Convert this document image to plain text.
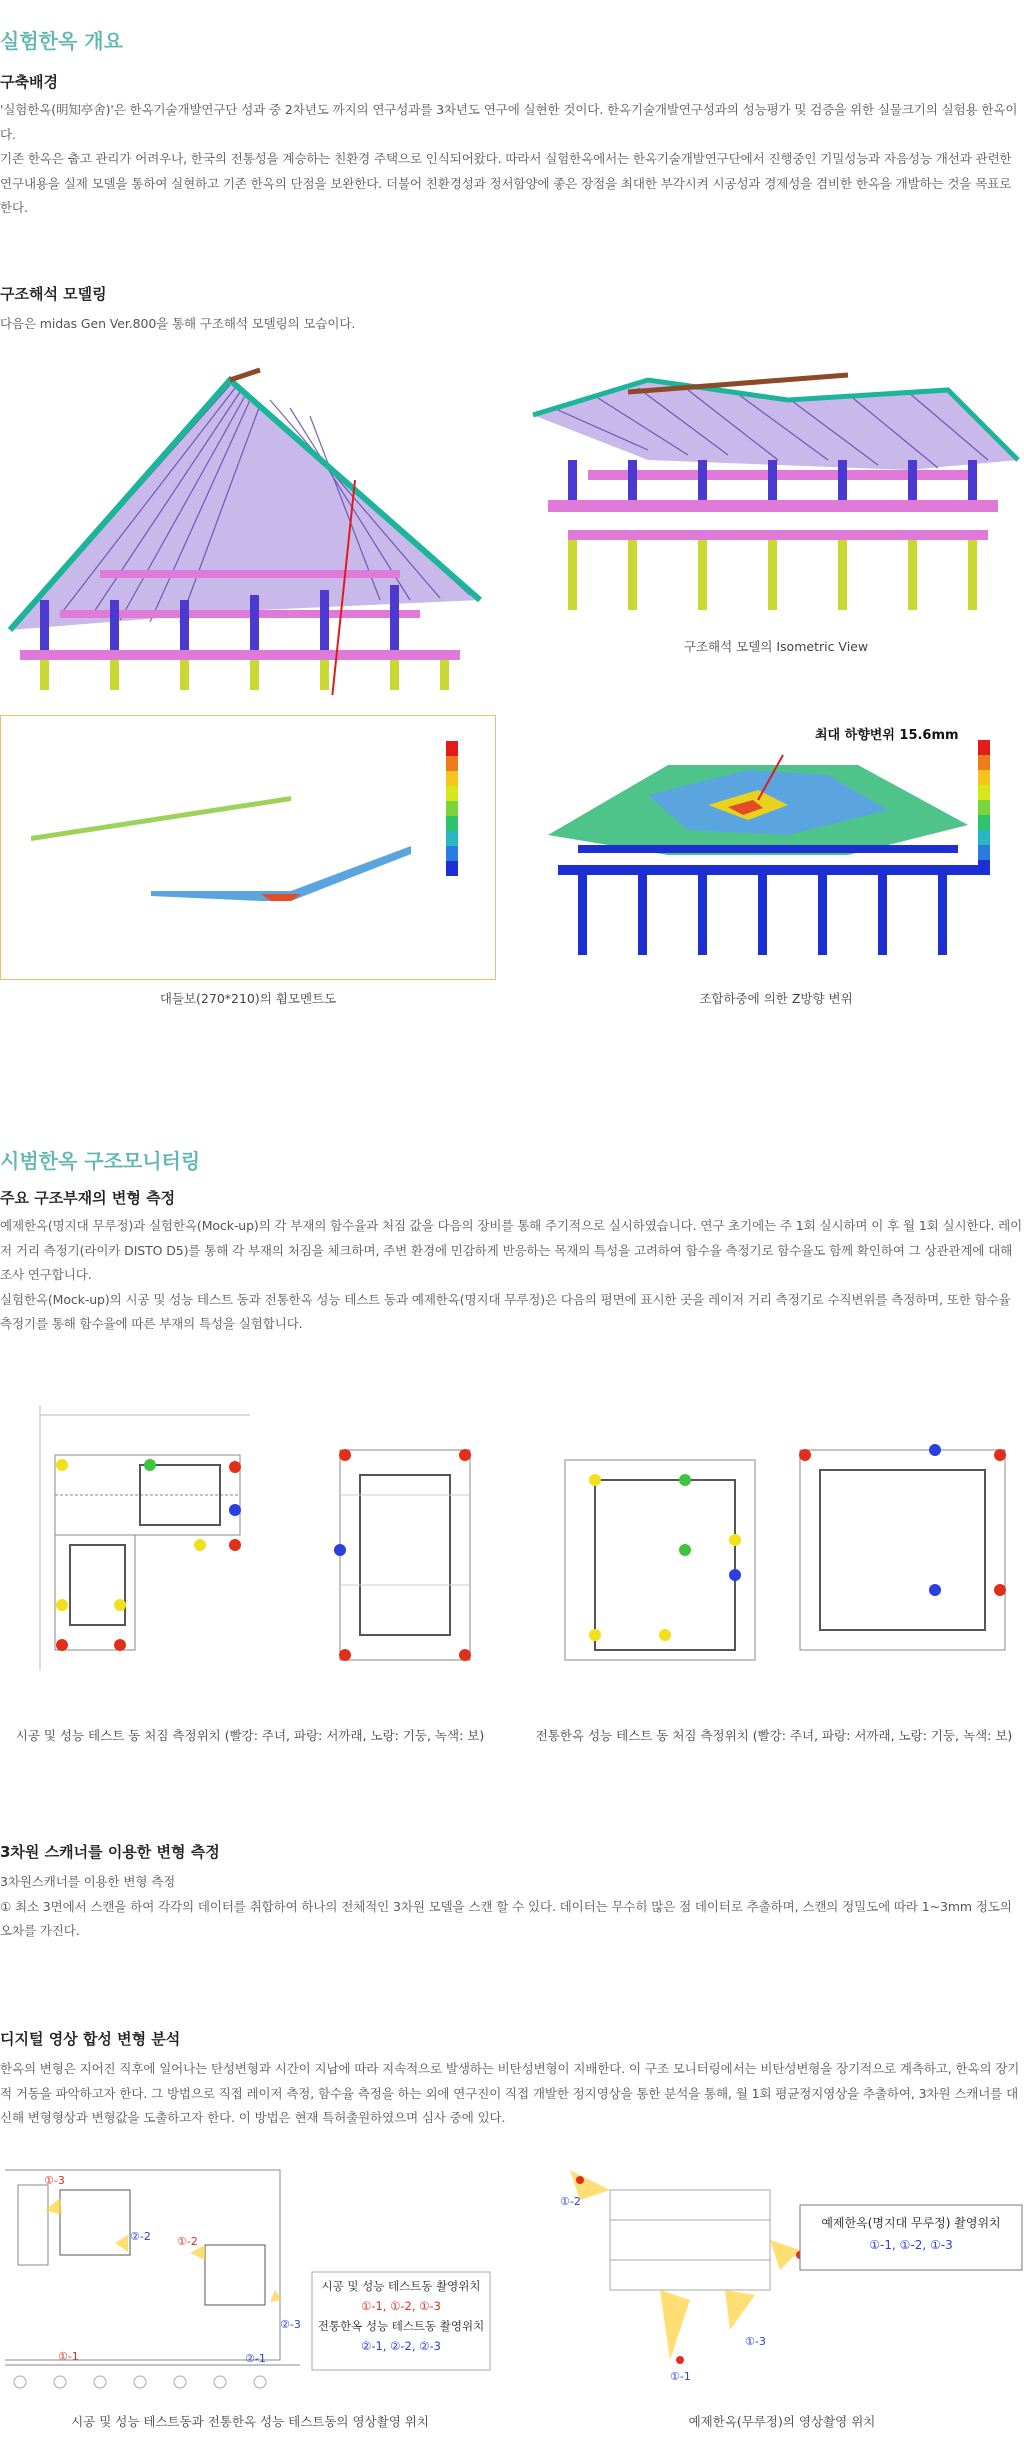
실험한옥 개요
구축배경

'실험한옥(明知亭舍)'은 한옥기술개발연구단 성과 중 2차년도 까지의 연구성과를 3차년도 연구에 실현한 것이다. 한옥기술개발연구성과의 성능평가 및 검증을 위한 실물크기의 실험용 한옥이다.

기존 한옥은 춥고 관리가 어려우나, 한국의 전통성을 계승하는 친환경 주택으로 인식되어왔다. 따라서 실험한옥에서는 한옥기술개발연구단에서 진행중인 기밀성능과 자음성능 개선과 관련한 연구내용을 실제 모델을 통하여 실현하고 기존 한옥의 단점을 보완한다. 더불어 친환경성과 정서함양에 좋은 장점을 최대한 부각시켜 시공성과 경제성을 겸비한 한옥을 개발하는 것을 목표로 한다.

구조해석 모델링
다음은 midas Gen Ver.800을 통해 구조해석 모델링의 모습이다.
구조해석 모델의 Isometric View
대들보(270*210)의 휨모멘트도
최대 하향변위 15.6mm
조합하중에 의한 Z방향 변위
시범한옥 구조모니터링
주요 구조부재의 변형 측정

예제한옥(명지대 무루정)과 실험한옥(Mock-up)의 각 부재의 함수율과 처짐 값을 다음의 장비를 통해 주기적으로 실시하였습니다. 연구 초기에는 주 1회 실시하며 이 후 월 1회 실시한다. 레이저 거리 측정기(라이카 DISTO D5)를 통해 각 부재의 처짐을 체크하며, 주변 환경에 민감하게 반응하는 목재의 특성을 고려하여 함수율 측정기로 함수율도 함께 확인하여 그 상관관계에 대해 조사 연구합니다.

실험한옥(Mock-up)의 시공 및 성능 테스트 동과 전통한옥 성능 테스트 동과 예제한옥(명지대 무루정)은 다음의 평면에 표시한 곳을 레이저 거리 측정기로 수직변위를 측정하며, 또한 함수율 측정기를 통해 함수율에 따른 부재의 특성을 실험합니다.

시공 및 성능 테스트 동 처짐 측정위치 (빨강: 주녀, 파랑: 서까래, 노랑: 기둥, 녹색: 보)	전통한옥 성능 테스트 동 처짐 측정위치 (빨강: 주녀, 파랑: 서까래, 노랑: 기둥, 녹색: 보)
3차원 스캐너를 이용한 변형 측정

3차원스캐너를 이용한 변형 측정

① 최소 3면에서 스캔을 하여 각각의 데이터를 취합하여 하나의 전체적인 3차원 모델을 스캔 할 수 있다. 데이터는 무수히 많은 점 데이터로 추출하며, 스캔의 정밀도에 따라 1~3mm 정도의 오차를 가진다.

디지털 영상 합성 변형 분석

한옥의 변형은 지어진 직후에 일어나는 탄성변형과 시간이 지남에 따라 지속적으로 발생하는 비탄성변형이 지배한다. 이 구조 모니터링에서는 비탄성변형을 장기적으로 계측하고, 한옥의 장기적 거동을 파악하고자 한다. 그 방법으로 직접 레이저 측정, 함수율 측정을 하는 외에 연구진이 직접 개발한 정지영상을 통한 분석을 통해, 월 1회 평균정지영상을 추출하여, 3차원 스캐너를 대신해 변형형상과 변형값을 도출하고자 한다. 이 방법은 현재 특허출원하였으며 심사 중에 있다.

①-3
②-2 ①-2
②-3
①-1	②-1
시공 및 성능 테스트동 촬영위치
①-1, ①-2, ①-3
전통한옥 성능 테스트동 촬영위치
②-1, ②-2, ②-3
①-2
①-3
①-1
예제한옥(명지대 무루정) 촬영위치
①-1, ①-2, ①-3
시공 및 성능 테스트동과 전통한옥 성능 테스트동의 영상촬영 위치	예제한옥(무루정)의 영상촬영 위치
